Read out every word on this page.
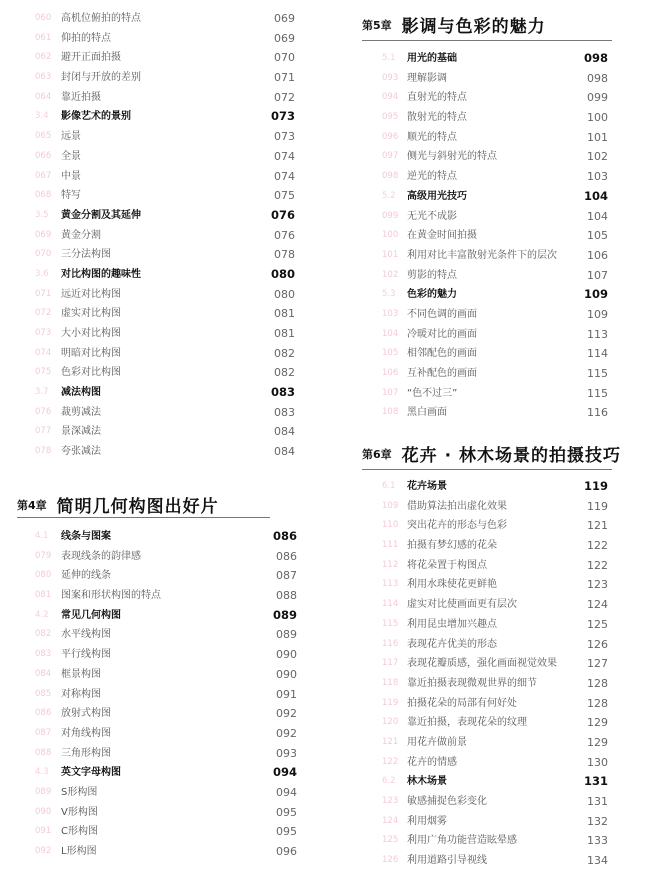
060 高机位俯拍的特点	069
061 仰拍的特点	069
062 避开正面拍摄	070
063 封闭与开放的差别	071
064 靠近拍摄	072
3.4 影像艺术的景别	073
065 远景	073
066 全景	074
067 中景	074
068 特写	075
3.5 黄金分割及其延伸	076
069 黄金分割	076
070 三分法构图	078
3.6 对比构图的趣味性	080
071 远近对比构图	080
072 虚实对比构图	081
073 大小对比构图	081
074 明暗对比构图	082
075 色彩对比构图	082
3.7 减法构图	083
076 裁剪减法	083
077 景深减法	084
078 夸张减法	084
第4章 简明几何构图出好片
4.1 线条与图案	086
079 表现线条的韵律感	086
080 延伸的线条	087
081 图案和形状构图的特点	088
4.2 常见几何构图	089
082 水平线构图	089
083 平行线构图	090
084 框景构图	090
085 对称构图	091
086 放射式构图	092
087 对角线构图	092
088 三角形构图	093
4.3 英文字母构图	094
089 S形构图	094
090 V形构图	095
091 C形构图	095
092 L形构图	096
第5章 影调与色彩的魅力
5.1 用光的基础	098
093 理解影调	098
094 直射光的特点	099
095 散射光的特点	100
096 顺光的特点	101
097 侧光与斜射光的特点	102
098 逆光的特点	103
5.2 高级用光技巧	104
099 无光不成影	104
100 在黄金时间拍摄	105
101 利用对比丰富散射光条件下的层次	106
102 剪影的特点	107
5.3 色彩的魅力	109
103 不同色调的画面	109
104 冷暖对比的画面	113
105 相邻配色的画面	114
106 互补配色的画面	115
107 “色不过三”	115
108 黑白画面	116
第6章 花卉 · 林木场景的拍摄技巧
6.1 花卉场景	119
109 借助算法拍出虚化效果	119
110 突出花卉的形态与色彩	121
111 拍摄有梦幻感的花朵	122
112 将花朵置于构图点	122
113 利用水珠使花更鲜艳	123
114 虚实对比使画面更有层次	124
115 利用昆虫增加兴趣点	125
116 表现花卉优美的形态	126
117 表现花瓣质感，强化画面视觉效果	127
118 靠近拍摄表现微观世界的细节	128
119 拍摄花朵的局部有何好处	128
120 靠近拍摄，表现花朵的纹理	129
121 用花卉做前景	129
122 花卉的情感	130
6.2 林木场景	131
123 敏感捕捉色彩变化	131
124 利用烟雾	132
125 利用广角功能营造眩晕感	133
126 利用道路引导视线	134
